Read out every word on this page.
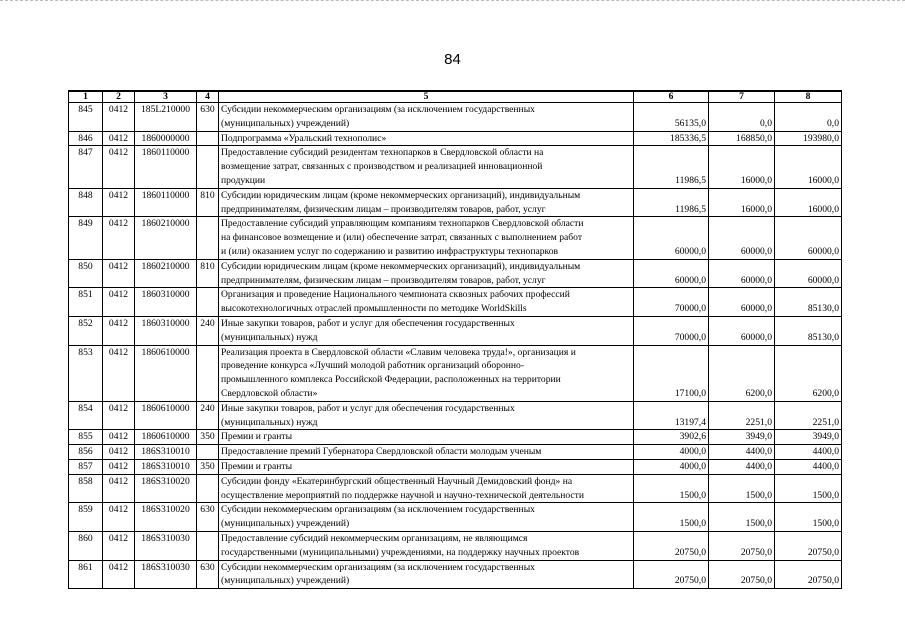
84
1	2	3	4	5	6	7	8
845	0412	185L210000	630	Субсидии некоммерческим организациям (за исключением государственных
(муниципальных) учреждений)	56135,0	0,0	0,0
846	0412	1860000000		Подпрограмма «Уральский технополис»	185336,5	168850,0	193980,0
847	0412	1860110000		Предоставление субсидий резидентам технопарков в Свердловской области на
возмещение затрат, связанных с производством и реализацией инновационной
продукции	11986,5	16000,0	16000,0
848	0412	1860110000	810	Субсидии юридическим лицам (кроме некоммерческих организаций), индивидуальным
предпринимателям, физическим лицам – производителям товаров, работ, услуг	11986,5	16000,0	16000,0
849	0412	1860210000		Предоставление субсидий управляющим компаниям технопарков Свердловской области
на финансовое возмещение и (или) обеспечение затрат, связанных с выполнением работ
и (или) оказанием услуг по содержанию и развитию инфраструктуры технопарков	60000,0	60000,0	60000,0
850	0412	1860210000	810	Субсидии юридическим лицам (кроме некоммерческих организаций), индивидуальным
предпринимателям, физическим лицам – производителям товаров, работ, услуг	60000,0	60000,0	60000,0
851	0412	1860310000		Организация и проведение Национального чемпионата сквозных рабочих профессий
высокотехнологичных отраслей промышленности по методике WorldSkills	70000,0	60000,0	85130,0
852	0412	1860310000	240	Иные закупки товаров, работ и услуг для обеспечения государственных
(муниципальных) нужд	70000,0	60000,0	85130,0
853	0412	1860610000		Реализация проекта в Свердловской области «Славим человека труда!», организация и
проведение конкурса «Лучший молодой работник организаций оборонно-
промышленного комплекса Российской Федерации, расположенных на территории
Свердловской области»	17100,0	6200,0	6200,0
854	0412	1860610000	240	Иные закупки товаров, работ и услуг для обеспечения государственных
(муниципальных) нужд	13197,4	2251,0	2251,0
855	0412	1860610000	350	Премии и гранты	3902,6	3949,0	3949,0
856	0412	186S310010		Предоставление премий Губернатора Свердловской области молодым ученым	4000,0	4400,0	4400,0
857	0412	186S310010	350	Премии и гранты	4000,0	4400,0	4400,0
858	0412	186S310020		Субсидии фонду «Екатеринбургский общественный Научный Демидовский фонд» на
осуществление мероприятий по поддержке научной и научно-технической деятельности	1500,0	1500,0	1500,0
859	0412	186S310020	630	Субсидии некоммерческим организациям (за исключением государственных
(муниципальных) учреждений)	1500,0	1500,0	1500,0
860	0412	186S310030		Предоставление субсидий некоммерческим организациям, не являющимся
государственными (муниципальными) учреждениями, на поддержку научных проектов	20750,0	20750,0	20750,0
861	0412	186S310030	630	Субсидии некоммерческим организациям (за исключением государственных
(муниципальных) учреждений)	20750,0	20750,0	20750,0
